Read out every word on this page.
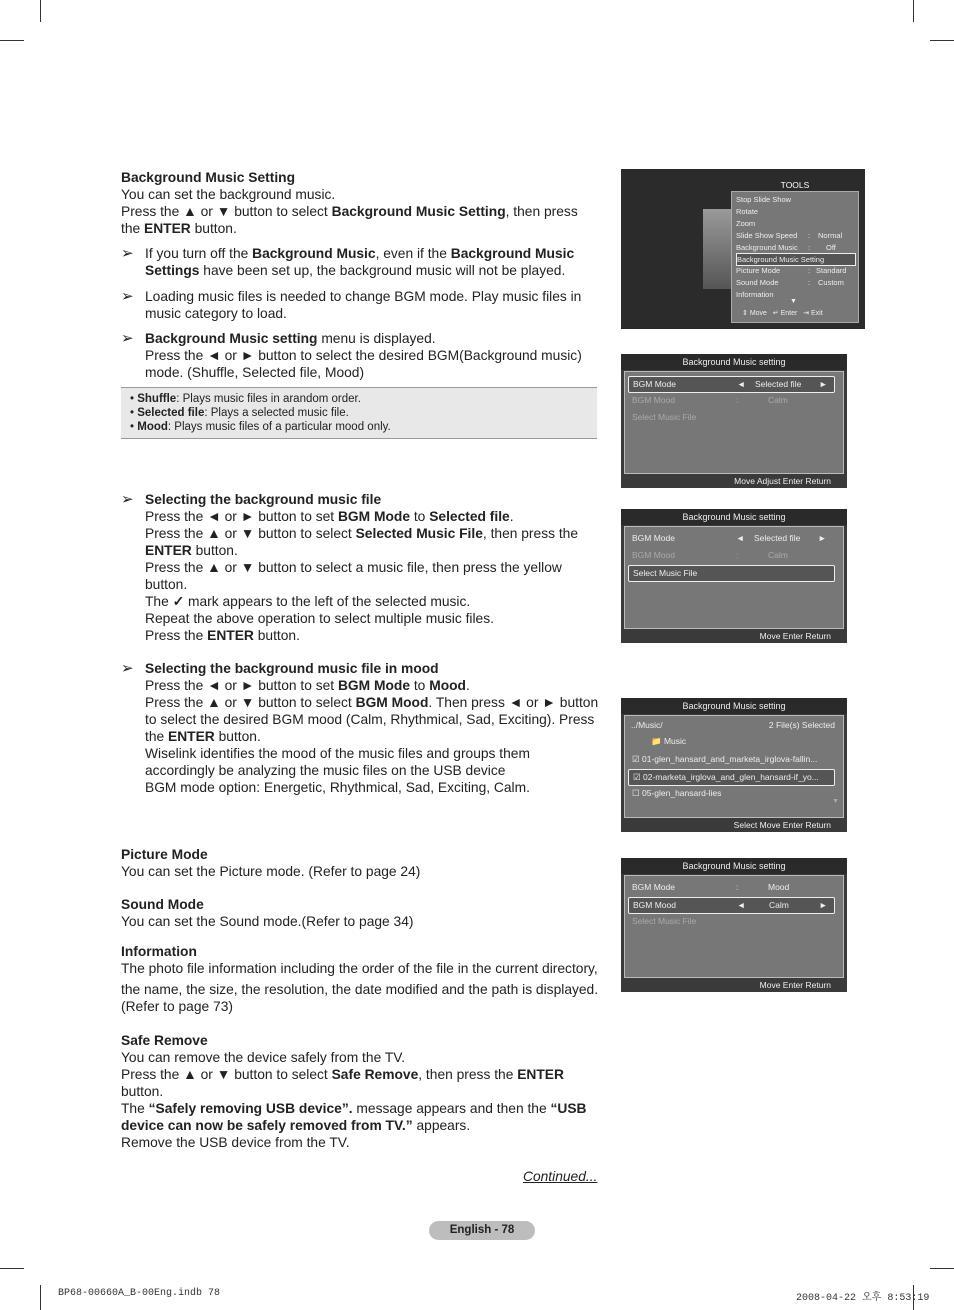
Background Music Setting
You can set the background music.
Press the ▲ or ▼ button to select Background Music Setting, then press
the ENTER button.
➢ If you turn off the Background Music, even if the Background Music
Settings have been set up, the background music will not be played.
➢ Loading music files is needed to change BGM mode. Play music files in music category to load.
➢ Background Music setting menu is displayed.
Press the ◄ or ► button to select the desired BGM(Background music) mode. (Shuffle, Selected file, Mood)
• Shuffle: Plays music files in arandom order.
• Selected file: Plays a selected music file.
• Mood: Plays music files of a particular mood only.
➢ Selecting the background music file
Press the ◄ or ► button to set BGM Mode to Selected file.
Press the ▲ or ▼ button to select Selected Music File, then press the
ENTER button.
Press the ▲ or ▼ button to select a music file, then press the yellow button.
The ✓ mark appears to the left of the selected music.
Repeat the above operation to select multiple music files.
Press the ENTER button.
➢ Selecting the background music file in mood
Press the ◄ or ► button to set BGM Mode to Mood.
Press the ▲ or ▼ button to select BGM Mood. Then press ◄ or ► button to select the desired BGM mood (Calm, Rhythmical, Sad, Exciting). Press the ENTER button.
Wiselink identifies the mood of the music files and groups them accordingly be analyzing the music files on the USB device
BGM mode option: Energetic, Rhythmical, Sad, Exciting, Calm.
Picture Mode
You can set the Picture mode. (Refer to page 24)
Sound Mode
You can set the Sound mode.(Refer to page 34)
Information
The photo file information including the order of the file in the current directory,
the name, the size, the resolution, the date modified and the path is displayed.
(Refer to page 73)
Safe Remove
You can remove the device safely from the TV.
Press the ▲ or ▼ button to select Safe Remove, then press the ENTER
button.
The “Safely removing USB device”. message appears and then the “USB
device can now be safely removed from TV.” appears.
Remove the USB device from the TV.
Continued...
English - 78
BP68-00660A_B-00Eng.indb 78	2008-04-22 오후 8:53:19
TOOLS
Stop Slide Show
Rotate
Zoom
Slide Show Speed : Normal
Background Music : Off
Background Music Setting
Picture Mode	: Standard
Sound Mode	: Custom
Information
▼
⇕ Move   ↵ Enter   ⇥ Exit
Background Music setting
BGM Mode	◄ Selected file ►
BGM Mood	:	Calm
Select Music File
Move Adjust Enter Return
Background Music setting
BGM Mode	◄ Selected file ►
BGM Mood	:	Calm
Select Music File
Move Enter Return
Background Music setting
../Music/	2 File(s) Selected
📁 Music
☑ 01-glen_hansard_and_marketa_irglova-fallin...
☑ 02-marketa_irglova_and_glen_hansard-if_yo...
☐ 05-glen_hansard-lies
▼
Select Move Enter Return
Background Music setting
BGM Mode	:	Mood
BGM Mood	◄	Calm	►
Select Music File
Move Enter Return
